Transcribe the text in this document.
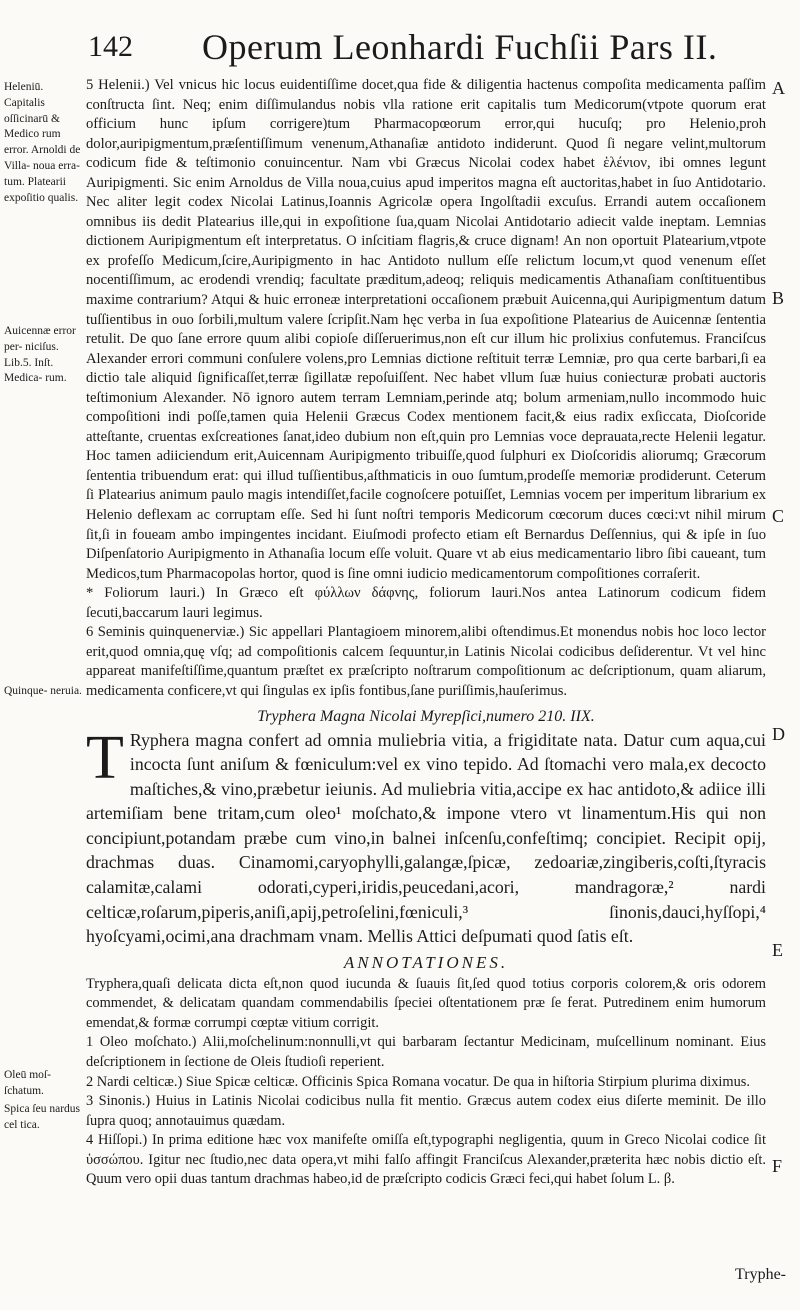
142 Operum Leonhardi Fuchſii Pars II.
Heleniū. Capitalis oſſicinarū & Medico rum error. Arnoldi de Villa- noua erra- tum. Platearii expoſitio qualis.
Auicennæ error per- niciſus. Lib.5. Inſt. Medica- rum.
Quinque- neruia.
Oleū moſ- ſchatum.
Spica ſeu nardus cel tica.
A
B
C
D
E
F

5 Helenii.) Vel vnicus hic locus euidentiſſime docet,qua fide & diligentia hactenus compoſita medicamenta paſſim conſtructa ſint. Neq; enim diſſimulandus nobis vlla ratione erit capitalis tum Medicorum(vtpote quorum erat officium hunc ipſum corrigere)tum Pharmacopœorum error,qui hucuſq; pro Helenio,proh dolor,auripigmentum,præſentiſſimum venenum,Athanaſiæ antidoto indiderunt. Quod ſi negare velint,multorum codicum fide & teſtimonio conuincentur. Nam vbi Græcus Nicolai codex habet ἑλένιον, ibi omnes legunt Auripigmenti. Sic enim Arnoldus de Villa noua,cuius apud imperitos magna eſt auctoritas,habet in ſuo Antidotario. Nec aliter legit codex Nicolai Latinus,Ioannis Agricolæ opera Ingolſtadii excuſus. Errandi autem occaſionem omnibus iis dedit Platearius ille,qui in expoſitione ſua,quam Nicolai Antidotario adiecit valde ineptam. Lemnias dictionem Auripigmentum eſt interpretatus. O inſcitiam flagris,& cruce dignam! An non oportuit Platearium,vtpote ex profeſſo Medicum,ſcire,Auripigmento in hac Antidoto nullum eſſe relictum locum,vt quod venenum eſſet nocentiſſimum, ac erodendi vrendiq; facultate præditum,adeoq; reliquis medicamentis Athanaſiam conſtituentibus maxime contrarium? Atqui & huic erroneæ interpretationi occaſionem præbuit Auicenna,qui Auripigmentum datum tuſſientibus in ouo ſorbili,multum valere ſcripſit.Nam hęc verba in ſua expoſitione Platearius de Auicennæ ſententia retulit. De quo ſane errore quum alibi copioſe diſſeruerimus,non eſt cur illum hic prolixius confutemus. Franciſcus Alexander errori communi conſulere volens,pro Lemnias dictione reſtituit terræ Lemniæ, pro qua certe barbari,ſi ea dictio tale aliquid ſignificaſſet,terræ ſigillatæ repoſuiſſent. Nec habet vllum ſuæ huius coniecturæ probati auctoris teſtimonium Alexander. Nō ignoro autem terram Lemniam,perinde atq; bolum armeniam,nullo incommodo huic compoſitioni indi poſſe,tamen quia Helenii Græcus Codex mentionem facit,& eius radix exſiccata, Dioſcoride atteſtante, cruentas exſcreationes ſanat,ideo dubium non eſt,quin pro Lemnias voce deprauata,recte Helenii legatur. Hoc tamen adiiciendum erit,Auicennam Auripigmento tribuiſſe,quod ſulphuri ex Dioſcoridis aliorumq; Græcorum ſententia tribuendum erat: qui illud tuſſientibus,aſthmaticis in ouo ſumtum,prodeſſe memoriæ prodiderunt. Ceterum ſi Platearius animum paulo magis intendiſſet,facile cognoſcere potuiſſet, Lemnias vocem per imperitum librarium ex Helenio deflexam ac corruptam eſſe. Sed hi ſunt noſtri temporis Medicorum cœcorum duces cœci:vt nihil mirum ſit,ſi in foueam ambo impingentes incidant. Eiuſmodi profecto etiam eſt Bernardus Deſſennius, qui & ipſe in ſuo Diſpenſatorio Auripigmento in Athanaſia locum eſſe voluit. Quare vt ab eius medicamentario libro ſibi caueant, tum Medicos,tum Pharmacopolas hortor, quod is ſine omni iudicio medicamentorum compoſitiones corraſerit.

* Foliorum lauri.) In Græco eſt φύλλων δάφνης, foliorum lauri.Nos antea Latinorum codicum fidem ſecuti,baccarum lauri legimus.

6 Seminis quinquenerviæ.) Sic appellari Plantagioem minorem,alibi oſtendimus.Et monendus nobis hoc loco lector erit,quod omnia,quę vſq; ad compoſitionis calcem ſequuntur,in Latinis Nicolai codicibus deſiderentur. Vt vel hinc appareat manifeſtiſſime,quantum præſtet ex præſcripto noſtrarum compoſitionum ac deſcriptionum, quam aliarum, medicamenta conficere,vt qui ſingulas ex ipſis fontibus,ſane puriſſimis,hauſerimus.

Tryphera Magna Nicolai Myrepſici,numero 210. IIX.
T Ryphera magna confert ad omnia muliebria vitia, a frigiditate nata. Datur cum aqua,cui incocta ſunt aniſum & fœniculum:vel ex vino tepido. Ad ſtomachi vero mala,ex decocto maſtiches,& vino,præbetur ieiunis. Ad muliebria vitia,accipe ex hac antidoto,& adiice illi artemiſiam bene tritam,cum oleo¹ moſchato,& impone vtero vt linamentum.His qui non concipiunt,potandam præbe cum vino,in balnei inſcenſu,confeſtimq; concipiet. Recipit opij, drachmas duas. Cinamomi,caryophylli,galangæ,ſpicæ, zedoariæ,zingiberis,coſti,ſtyracis calamitæ,calami odorati,cyperi,iridis,peucedani,acori, mandragoræ,² nardi celticæ,roſarum,piperis,aniſi,apij,petroſelini,fœniculi,³ ſinonis,dauci,hyſſopi,⁴ hyoſcyami,ocimi,ana drachmam vnam. Mellis Attici deſpumati quod ſatis eſt.

ANNOTATIONES.

Tryphera,quaſi delicata dicta eſt,non quod iucunda & ſuauis ſit,ſed quod totius corporis colorem,& oris odorem commendet, & delicatam quandam commendabilis ſpeciei oſtentationem præ ſe ferat. Putredinem enim humorum emendat,& formæ corrumpi cœptæ vitium corrigit.

1 Oleo moſchato.) Alii,moſchelinum:nonnulli,vt qui barbaram ſectantur Medicinam, muſcellinum nominant. Eius deſcriptionem in ſectione de Oleis ſtudioſi reperient.

2 Nardi celticæ.) Siue Spicæ celticæ. Officinis Spica Romana vocatur. De qua in hiſtoria Stirpium plurima diximus.

3 Sinonis.) Huius in Latinis Nicolai codicibus nulla fit mentio. Græcus autem codex eius diſerte meminit. De illo ſupra quoq; annotauimus quædam.

4 Hiſſopi.) In prima editione hæc vox manifeſte omiſſa eſt,typographi negligentia, quum in Greco Nicolai codice ſit ὑσσώπου. Igitur nec ſtudio,nec data opera,vt mihi falſo affingit Franciſcus Alexander,præterita hæc nobis dictio eſt. Quum vero opii duas tantum drachmas habeo,id de præſcripto codicis Græci feci,qui habet ſolum L. β.

Tryphe-
